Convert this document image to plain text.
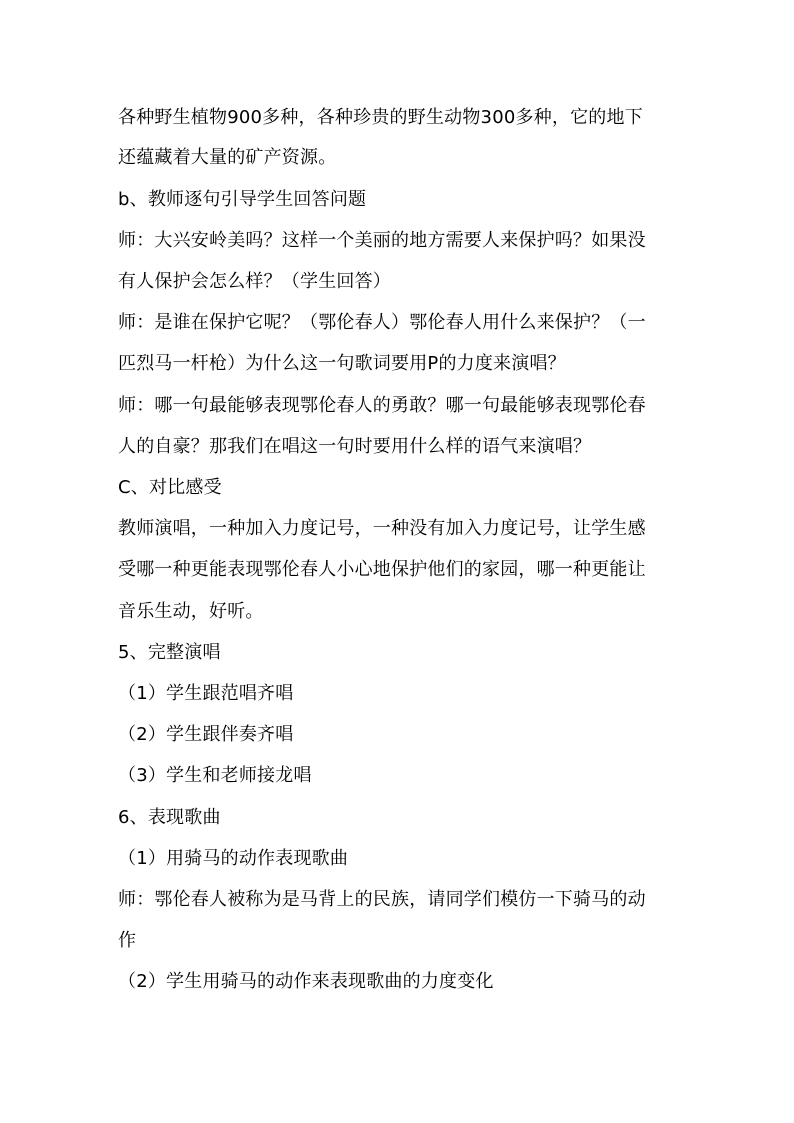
各种野生植物900多种，各种珍贵的野生动物300多种，它的地下
还蕴藏着大量的矿产资源。
b、教师逐句引导学生回答问题
师：大兴安岭美吗？这样一个美丽的地方需要人来保护吗？如果没
有人保护会怎么样？（学生回答）
师：是谁在保护它呢？（鄂伦春人）鄂伦春人用什么来保护？（一
匹烈马一杆枪）为什么这一句歌词要用P的力度来演唱？
师：哪一句最能够表现鄂伦春人的勇敢？哪一句最能够表现鄂伦春
人的自豪？那我们在唱这一句时要用什么样的语气来演唱？
C、对比感受
教师演唱，一种加入力度记号，一种没有加入力度记号，让学生感
受哪一种更能表现鄂伦春人小心地保护他们的家园，哪一种更能让
音乐生动，好听。
5、完整演唱
（1）学生跟范唱齐唱
（2）学生跟伴奏齐唱
（3）学生和老师接龙唱
6、表现歌曲
（1）用骑马的动作表现歌曲
师：鄂伦春人被称为是马背上的民族，请同学们模仿一下骑马的动
作
（2）学生用骑马的动作来表现歌曲的力度变化
